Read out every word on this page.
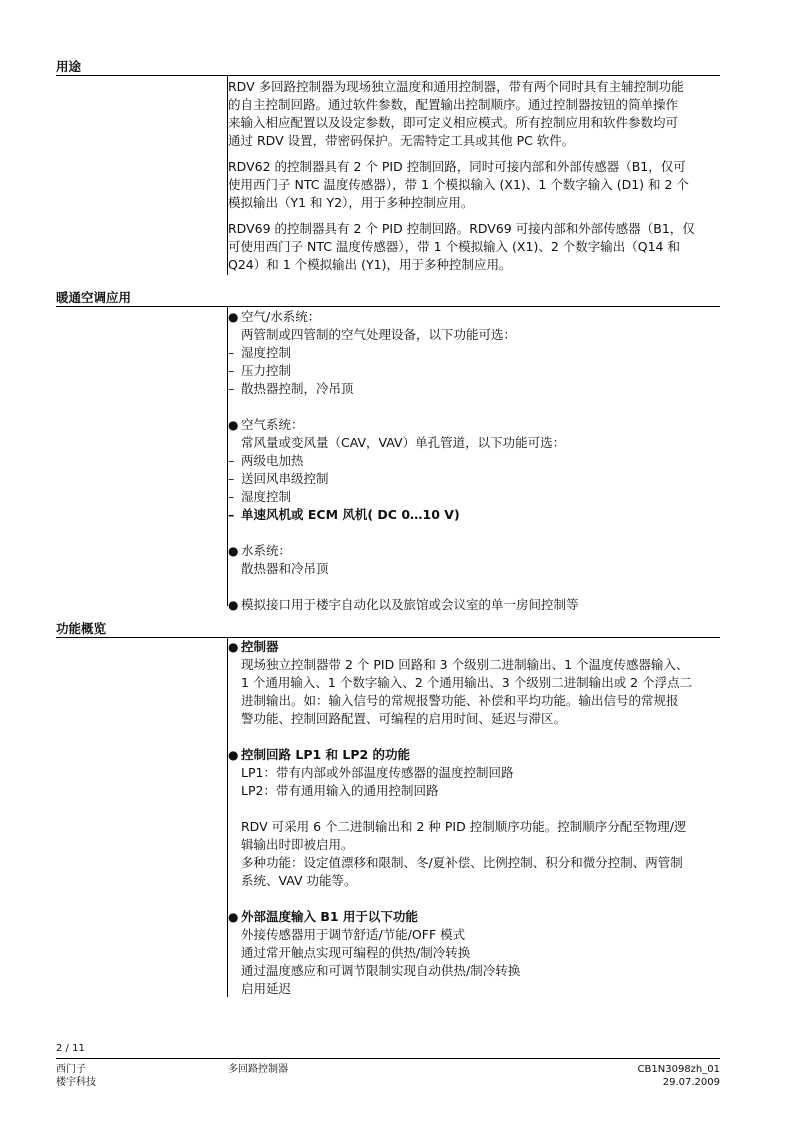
用途
RDV 多回路控制器为现场独立温度和通用控制器，带有两个同时具有主辅控制功能
的自主控制回路。通过软件参数，配置输出控制顺序。通过控制器按钮的简单操作
来输入相应配置以及设定参数，即可定义相应模式。所有控制应用和软件参数均可
通过 RDV 设置，带密码保护。无需特定工具或其他 PC 软件。
RDV62 的控制器具有 2 个 PID 控制回路，同时可接内部和外部传感器（B1，仅可
使用西门子 NTC 温度传感器），带 1 个模拟输入 (X1)、1 个数字输入 (D1) 和 2 个
模拟输出（Y1 和 Y2），用于多种控制应用。
RDV69 的控制器具有 2 个 PID 控制回路。RDV69 可接内部和外部传感器（B1，仅
可使用西门子 NTC 温度传感器），带 1 个模拟输入 (X1)、2 个数字输出（Q14 和
Q24）和 1 个模拟输出 (Y1)，用于多种控制应用。
暖通空调应用
● 空气/水系统：
两管制或四管制的空气处理设备，以下功能可选：
– 湿度控制
– 压力控制
– 散热器控制，冷吊顶
● 空气系统：
常风量或变风量（CAV，VAV）单孔管道，以下功能可选：
– 两级电加热
– 送回风串级控制
– 湿度控制
– 单速风机或 ECM 风机( DC 0…10 V)
● 水系统：
散热器和冷吊顶
● 模拟接口用于楼宇自动化以及旅馆或会议室的单一房间控制等
功能概览
● 控制器
现场独立控制器带 2 个 PID 回路和 3 个级别二进制输出、1 个温度传感器输入、
1 个通用输入、1 个数字输入、2 个通用输出、3 个级别二进制输出或 2 个浮点二
进制输出。如：输入信号的常规报警功能、补偿和平均功能。输出信号的常规报
警功能、控制回路配置、可编程的启用时间、延迟与滞区。
● 控制回路 LP1 和 LP2 的功能
LP1：带有内部或外部温度传感器的温度控制回路
LP2：带有通用输入的通用控制回路
RDV 可采用 6 个二进制输出和 2 种 PID 控制顺序功能。控制顺序分配至物理/逻
辑输出时即被启用。
多种功能：设定值漂移和限制、冬/夏补偿、比例控制、积分和微分控制、两管制
系统、VAV 功能等。
● 外部温度输入 B1 用于以下功能
外接传感器用于调节舒适/节能/OFF 模式
通过常开触点实现可编程的供热/制冷转换
通过温度感应和可调节限制实现自动供热/制冷转换
启用延迟
2 / 11
西门子
楼宇科技
多回路控制器	CB1N3098zh_01
29.07.2009
